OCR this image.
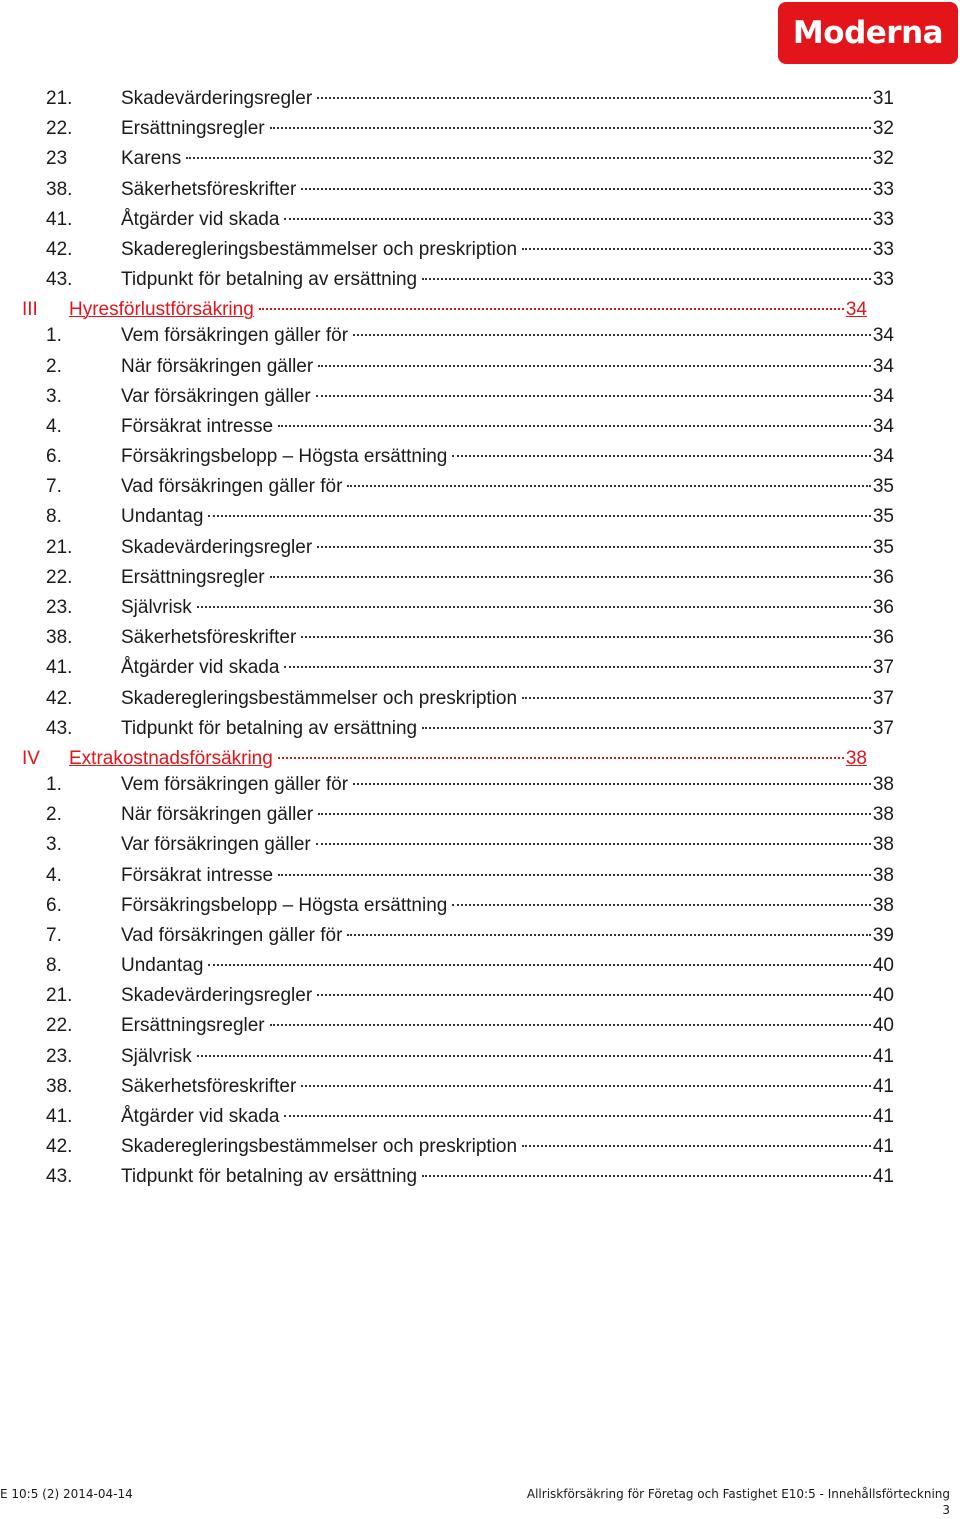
Moderna
21.	Skadevärderingsregler	31
22.	Ersättningsregler	32
23	Karens	32
38.	Säkerhetsföreskrifter	33
41.	Åtgärder vid skada	33
42.	Skaderegleringsbestämmelser och preskription	33
43.	Tidpunkt för betalning av ersättning	33
III Hyresförlustförsäkring	34
1.	Vem försäkringen gäller för	34
2.	När försäkringen gäller	34
3.	Var försäkringen gäller	34
4.	Försäkrat intresse	34
6.	Försäkringsbelopp – Högsta ersättning	34
7.	Vad försäkringen gäller för	35
8.	Undantag	35
21.	Skadevärderingsregler	35
22.	Ersättningsregler	36
23.	Självrisk	36
38.	Säkerhetsföreskrifter	36
41.	Åtgärder vid skada	37
42.	Skaderegleringsbestämmelser och preskription	37
43.	Tidpunkt för betalning av ersättning	37
IV Extrakostnadsförsäkring	38
1.	Vem försäkringen gäller för	38
2.	När försäkringen gäller	38
3.	Var försäkringen gäller	38
4.	Försäkrat intresse	38
6.	Försäkringsbelopp – Högsta ersättning	38
7.	Vad försäkringen gäller för	39
8.	Undantag	40
21.	Skadevärderingsregler	40
22.	Ersättningsregler	40
23.	Självrisk	41
38.	Säkerhetsföreskrifter	41
41.	Åtgärder vid skada	41
42.	Skaderegleringsbestämmelser och preskription	41
43.	Tidpunkt för betalning av ersättning	41
E 10:5 (2) 2014-04-14	Allriskförsäkring för Företag och Fastighet E10:5 - Innehållsförteckning
3
